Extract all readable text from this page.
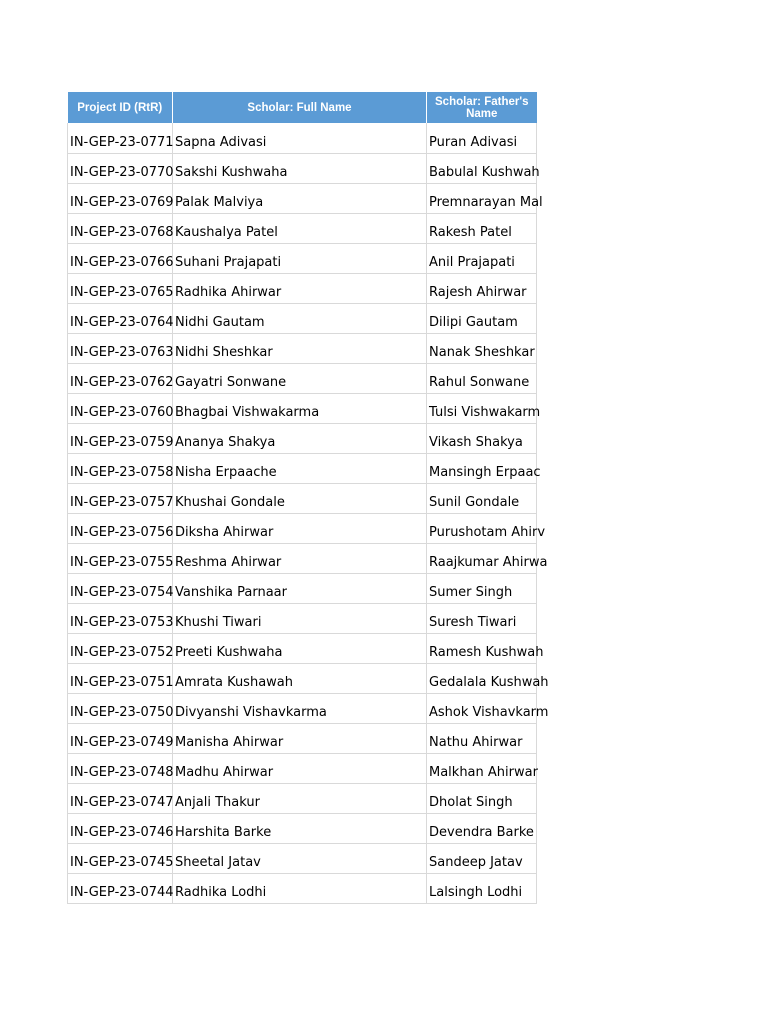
Project ID (RtR)	Scholar: Full Name	Scholar: Father's Name
IN-GEP-23-0771	Sapna Adivasi	Puran Adivasi
IN-GEP-23-0770	Sakshi Kushwaha	Babulal Kushwah
IN-GEP-23-0769	Palak Malviya	Premnarayan Mal
IN-GEP-23-0768	Kaushalya Patel	Rakesh Patel
IN-GEP-23-0766	Suhani Prajapati	Anil Prajapati
IN-GEP-23-0765	Radhika Ahirwar	Rajesh Ahirwar
IN-GEP-23-0764	Nidhi Gautam	Dilipi Gautam
IN-GEP-23-0763	Nidhi Sheshkar	Nanak Sheshkar
IN-GEP-23-0762	Gayatri Sonwane	Rahul Sonwane
IN-GEP-23-0760	Bhagbai Vishwakarma	Tulsi Vishwakarm
IN-GEP-23-0759	Ananya Shakya	Vikash Shakya
IN-GEP-23-0758	Nisha Erpaache	Mansingh Erpaac
IN-GEP-23-0757	Khushai Gondale	Sunil Gondale
IN-GEP-23-0756	Diksha Ahirwar	Purushotam Ahirv
IN-GEP-23-0755	Reshma Ahirwar	Raajkumar Ahirwa
IN-GEP-23-0754	Vanshika Parnaar	Sumer Singh
IN-GEP-23-0753	Khushi Tiwari	Suresh Tiwari
IN-GEP-23-0752	Preeti Kushwaha	Ramesh Kushwah
IN-GEP-23-0751	Amrata Kushawah	Gedalala Kushwah
IN-GEP-23-0750	Divyanshi Vishavkarma	Ashok Vishavkarm
IN-GEP-23-0749	Manisha Ahirwar	Nathu Ahirwar
IN-GEP-23-0748	Madhu Ahirwar	Malkhan Ahirwar
IN-GEP-23-0747	Anjali Thakur	Dholat Singh
IN-GEP-23-0746	Harshita Barke	Devendra Barke
IN-GEP-23-0745	Sheetal Jatav	Sandeep Jatav
IN-GEP-23-0744	Radhika Lodhi	Lalsingh Lodhi
